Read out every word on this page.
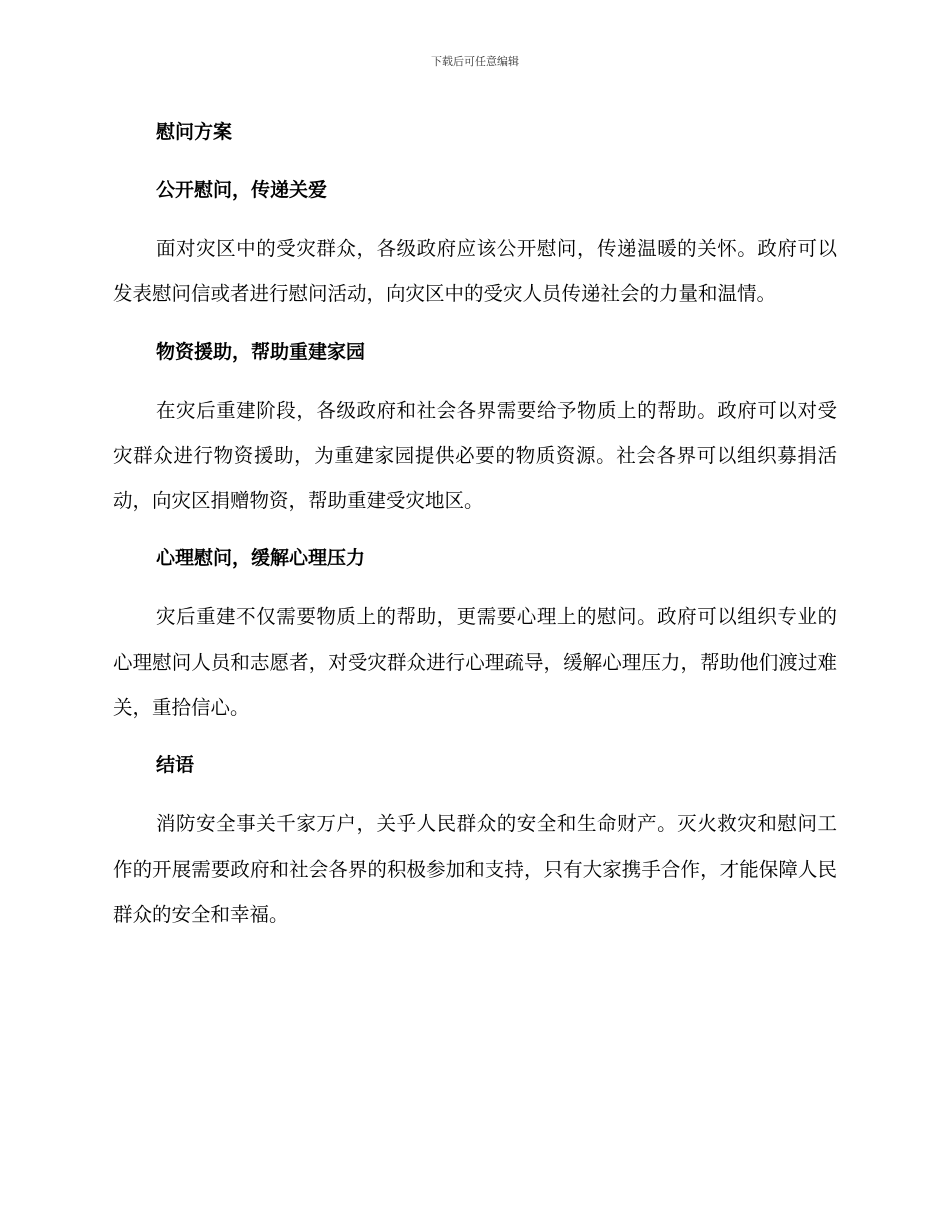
下载后可任意编辑
慰问方案
公开慰问，传递关爱

面对灾区中的受灾群众，各级政府应该公开慰问，传递温暖的关怀。政府可以发表慰问信或者进行慰问活动，向灾区中的受灾人员传递社会的力量和温情。

物资援助，帮助重建家园

在灾后重建阶段，各级政府和社会各界需要给予物质上的帮助。政府可以对受灾群众进行物资援助，为重建家园提供必要的物质资源。社会各界可以组织募捐活动，向灾区捐赠物资，帮助重建受灾地区。

心理慰问，缓解心理压力

灾后重建不仅需要物质上的帮助，更需要心理上的慰问。政府可以组织专业的心理慰问人员和志愿者，对受灾群众进行心理疏导，缓解心理压力，帮助他们渡过难关，重拾信心。

结语

消防安全事关千家万户，关乎人民群众的安全和生命财产。灭火救灾和慰问工作的开展需要政府和社会各界的积极参加和支持，只有大家携手合作，才能保障人民群众的安全和幸福。
